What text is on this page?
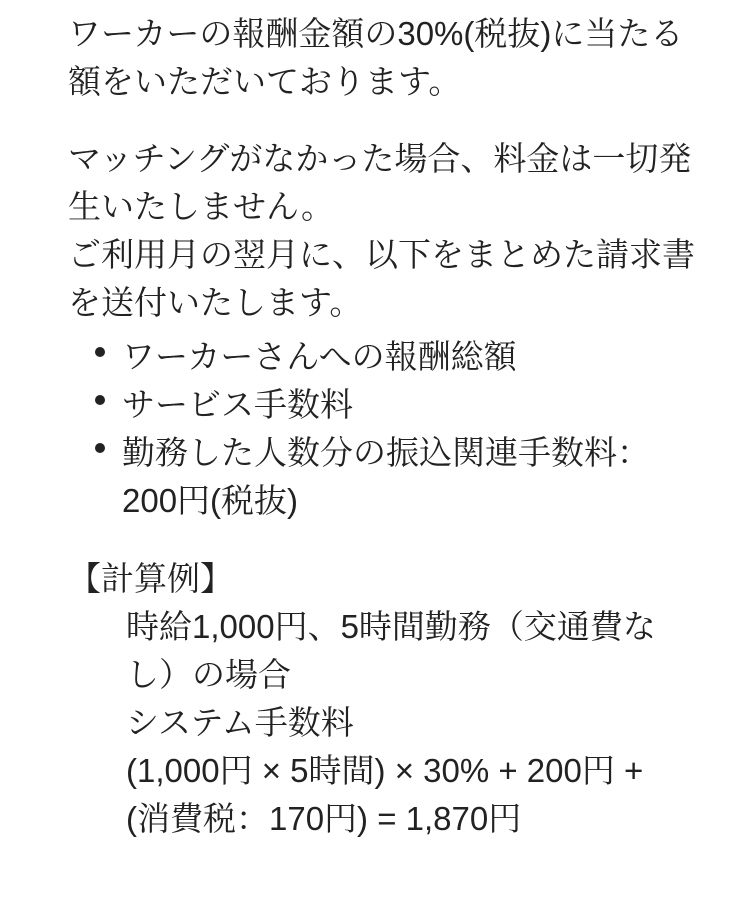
ワーカーの報酬金額の30%(税抜)に当たる
額をいただいております。

マッチングがなかった場合、料金は一切発
生いたしません。
ご利用月の翌月に、以下をまとめた請求書
を送付いたします。

ワーカーさんへの報酬総額
サービス手数料
勤務した人数分の振込関連手数料：
200円(税抜)
【計算例】
時給1,000円、5時間勤務（交通費な
し）の場合
システム手数料
(1,000円 × 5時間) × 30% + 200円 +
(消費税：170円) = 1,870円
